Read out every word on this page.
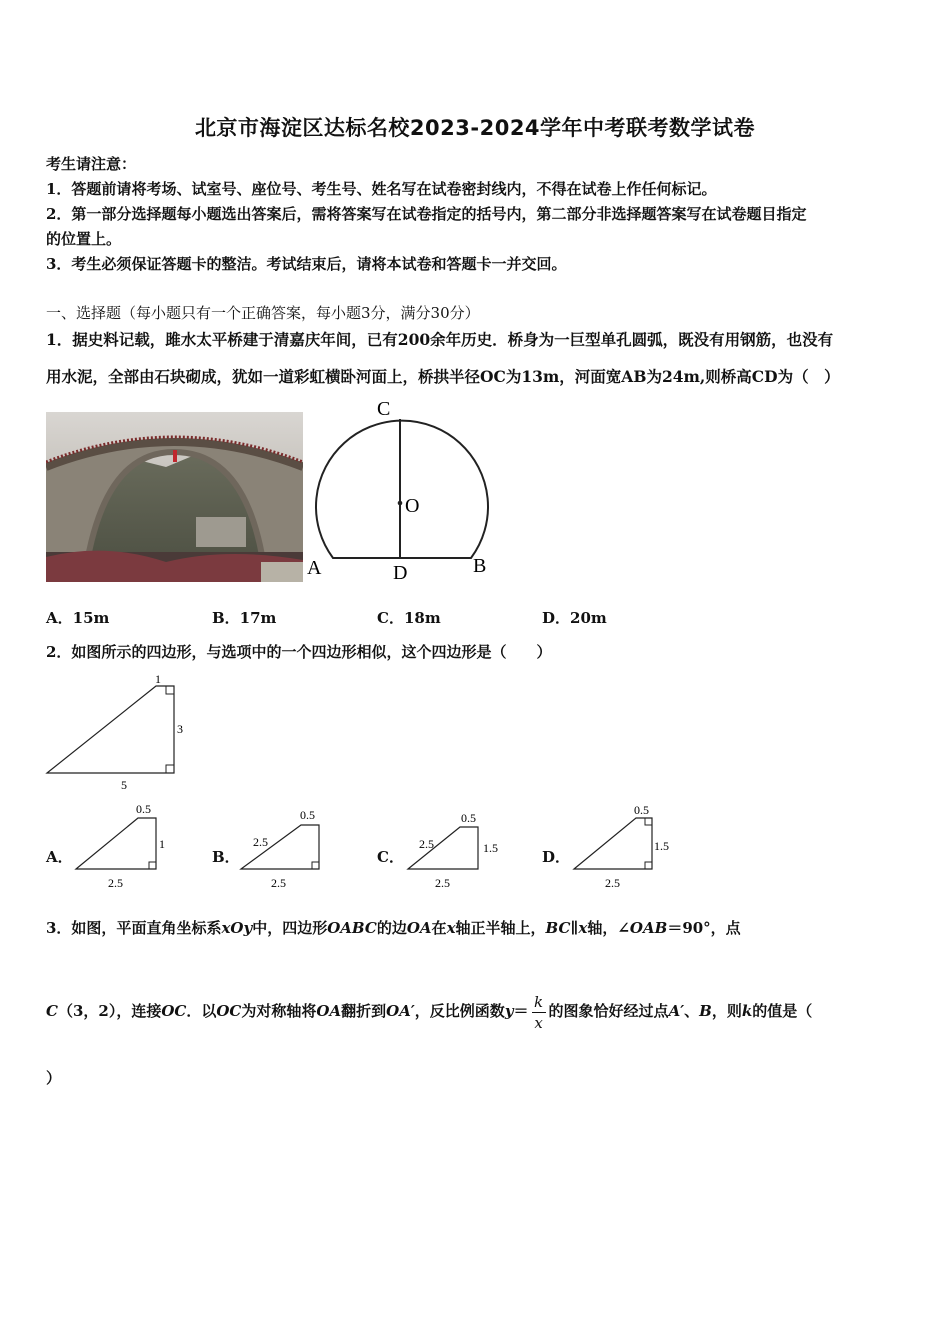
北京市海淀区达标名校2023-2024学年中考联考数学试卷
考生请注意：
1．答题前请将考场、试室号、座位号、考生号、姓名写在试卷密封线内，不得在试卷上作任何标记。
2．第一部分选择题每小题选出答案后，需将答案写在试卷指定的括号内，第二部分非选择题答案写在试卷题目指定
的位置上。
3．考生必须保证答题卡的整洁。考试结束后，请将本试卷和答题卡一并交回。
一、选择题（每小题只有一个正确答案，每小题3分，满分30分）
1．据史料记载，雎水太平桥建于清嘉庆年间，已有200余年历史．桥身为一巨型单孔圆弧，既没有用钢筋，也没有
用水泥，全部由石块砌成，犹如一道彩虹横卧河面上，桥拱半径OC为13m，河面宽AB为24m,则桥高CD为（　）
C
O
A	D	B
A．15m	B．17m	C．18m	D．20m
2．如图所示的四边形，与选项中的一个四边形相似，这个四边形是（　　）
1
3
5
A．
0.5
1
2.5
B．
0.5
2.5
2.5
C．
0.5
1.5
2.5
2.5
D．
0.5
1.5
2.5
3．如图，平面直角坐标系xOy中，四边形OABC的边OA在x轴正半轴上，BC∥x轴，∠OAB＝90°，点
C（3，2），连接OC．以OC为对称轴将OA翻折到OA′，反比例函数$y= \frac{k}{x}$ 的图象恰好经过点A′、B，则k的值是（
）
